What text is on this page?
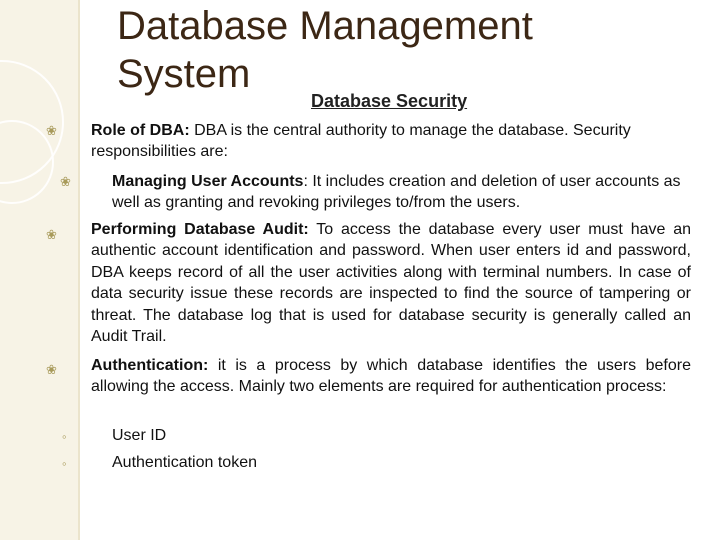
Database Management
System
Database Security
❀ Role of DBA: DBA is the central authority to manage the database. Security responsibilities are:
❀	Managing User Accounts: It includes creation and deletion of user accounts as well as granting and revoking privileges to/from the users.
❀ Performing Database Audit: To access the database every user must have an authentic account identification and password. When user enters id and password, DBA keeps record of all the user activities along with terminal numbers. In case of data security issue these records are inspected to find the source of tampering or threat. The database log that is used for database security is generally called an Audit Trail.
❀ Authentication: it is a process by which database identifies the users before allowing the access. Mainly two elements are required for authentication process:
◦	User ID
◦	Authentication token
